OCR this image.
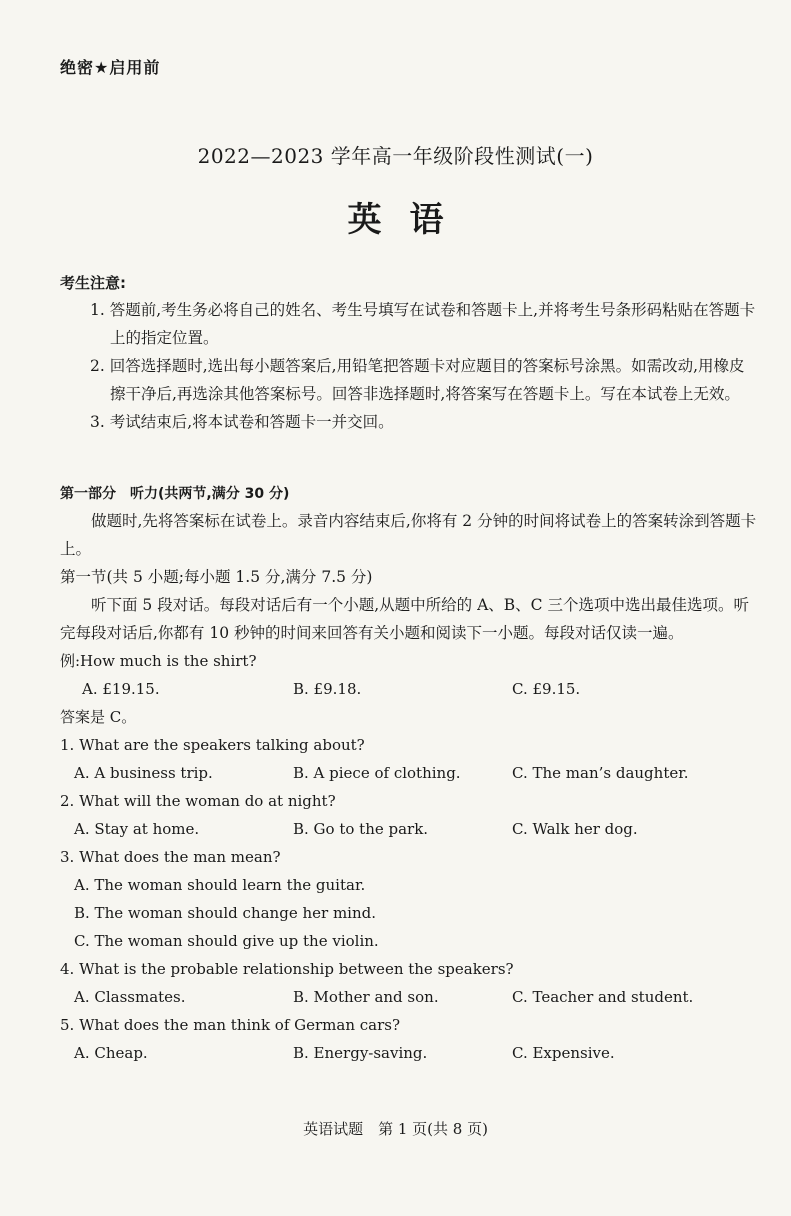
绝密★启用前
2022—2023 学年高一年级阶段性测试(一)
英语
考生注意:

1. 答题前,考生务必将自己的姓名、考生号填写在试卷和答题卡上,并将考生号条形码粘贴在答题卡上的指定位置。

2. 回答选择题时,选出每小题答案后,用铅笔把答题卡对应题目的答案标号涂黑。如需改动,用橡皮擦干净后,再选涂其他答案标号。回答非选择题时,将答案写在答题卡上。写在本试卷上无效。

3. 考试结束后,将本试卷和答题卡一并交回。

第一部分　听力(共两节,满分 30 分)

做题时,先将答案标在试卷上。录音内容结束后,你将有 2 分钟的时间将试卷上的答案转涂到答题卡上。

第一节(共 5 小题;每小题 1.5 分,满分 7.5 分)

听下面 5 段对话。每段对话后有一个小题,从题中所给的 A、B、C 三个选项中选出最佳选项。听完每段对话后,你都有 10 秒钟的时间来回答有关小题和阅读下一小题。每段对话仅读一遍。

例:How much is the shirt?

A. £19.15.	B. £9.18.	C. £9.15.

答案是 C。

1. What are the speakers talking about?

A. A business trip.	B. A piece of clothing.	C. The man’s daughter.

2. What will the woman do at night?

A. Stay at home.	B. Go to the park.	C. Walk her dog.

3. What does the man mean?

A. The woman should learn the guitar.
B. The woman should change her mind.
C. The woman should give up the violin.

4. What is the probable relationship between the speakers?

A. Classmates.	B. Mother and son.	C. Teacher and student.

5. What does the man think of German cars?

A. Cheap.	B. Energy-saving.	C. Expensive.
英语试题　第 1 页(共 8 页)
